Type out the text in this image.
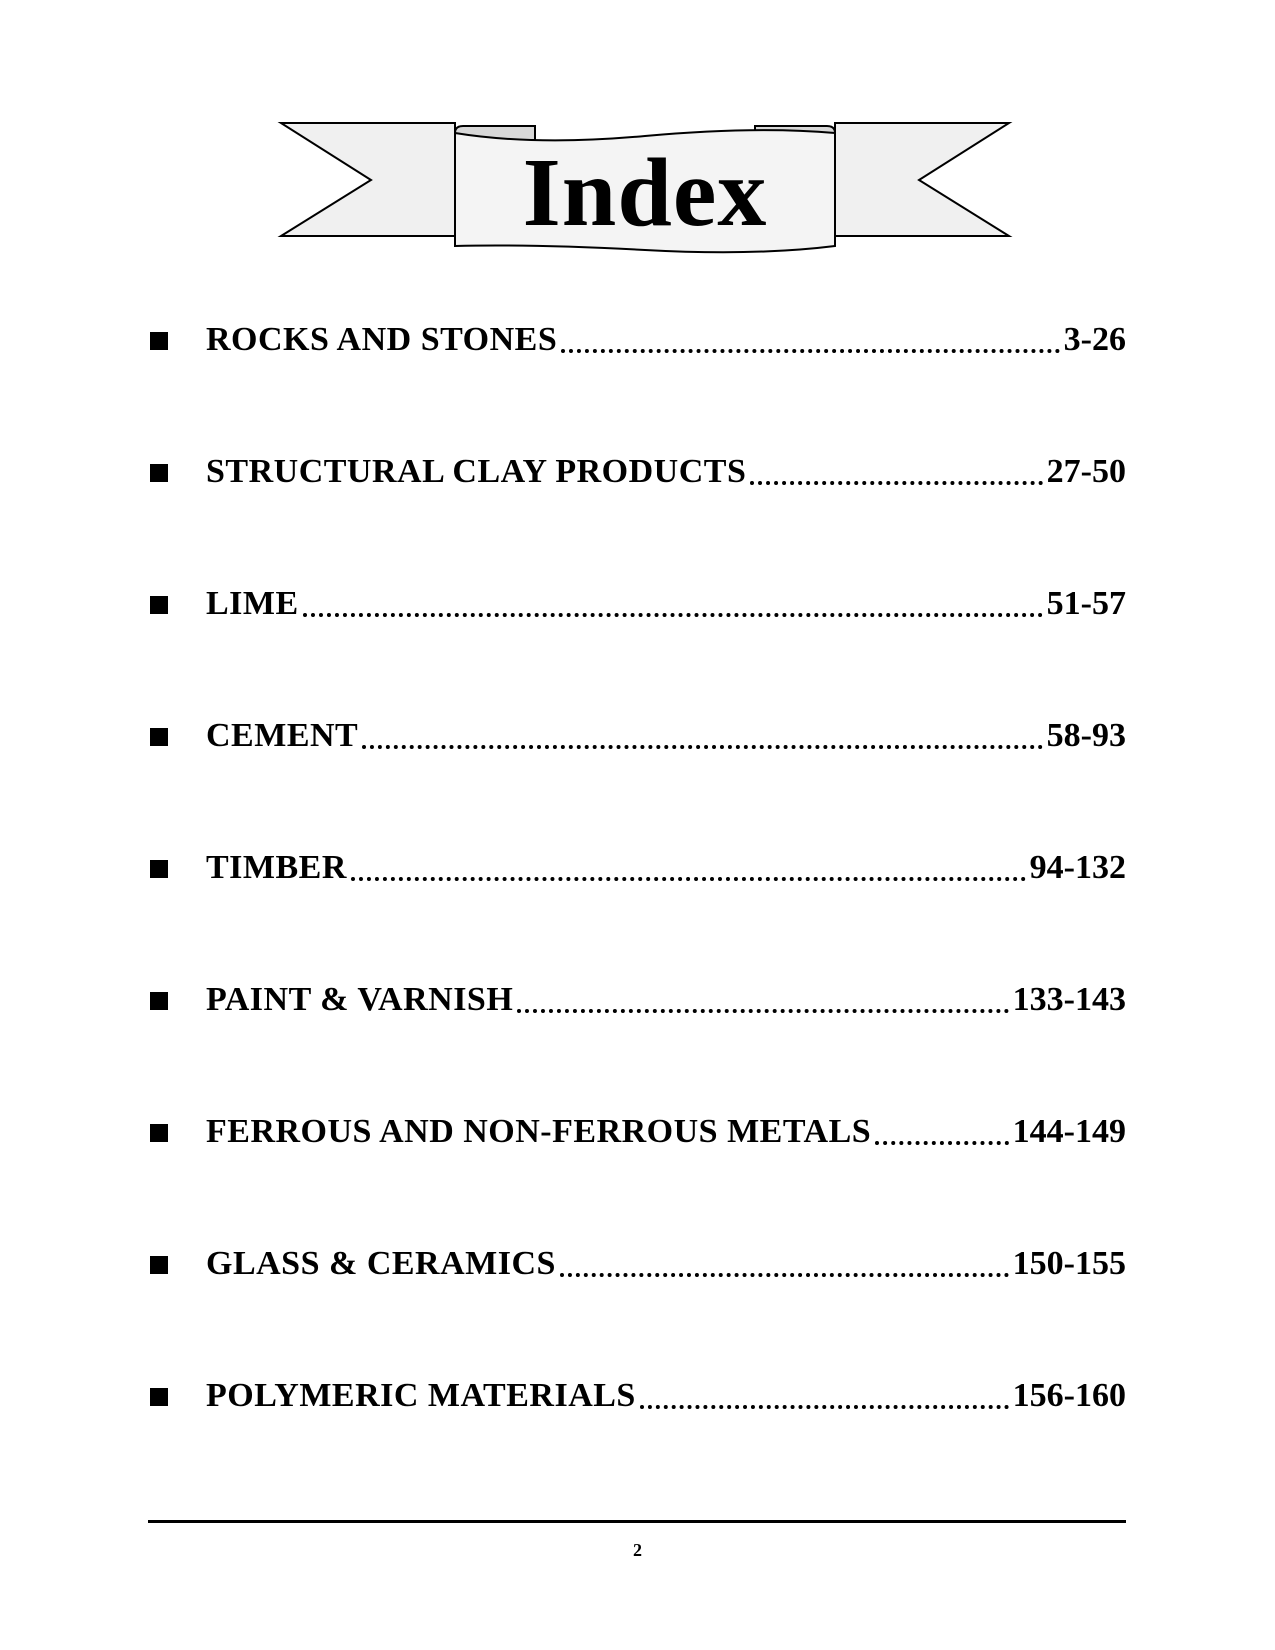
Index
ROCKS AND STONES	3-26
STRUCTURAL CLAY PRODUCTS	27-50
LIME	51-57
CEMENT	58-93
TIMBER	94-132
PAINT & VARNISH	133-143
FERROUS AND NON-FERROUS METALS	144-149
GLASS & CERAMICS	150-155
POLYMERIC MATERIALS	156-160
2
